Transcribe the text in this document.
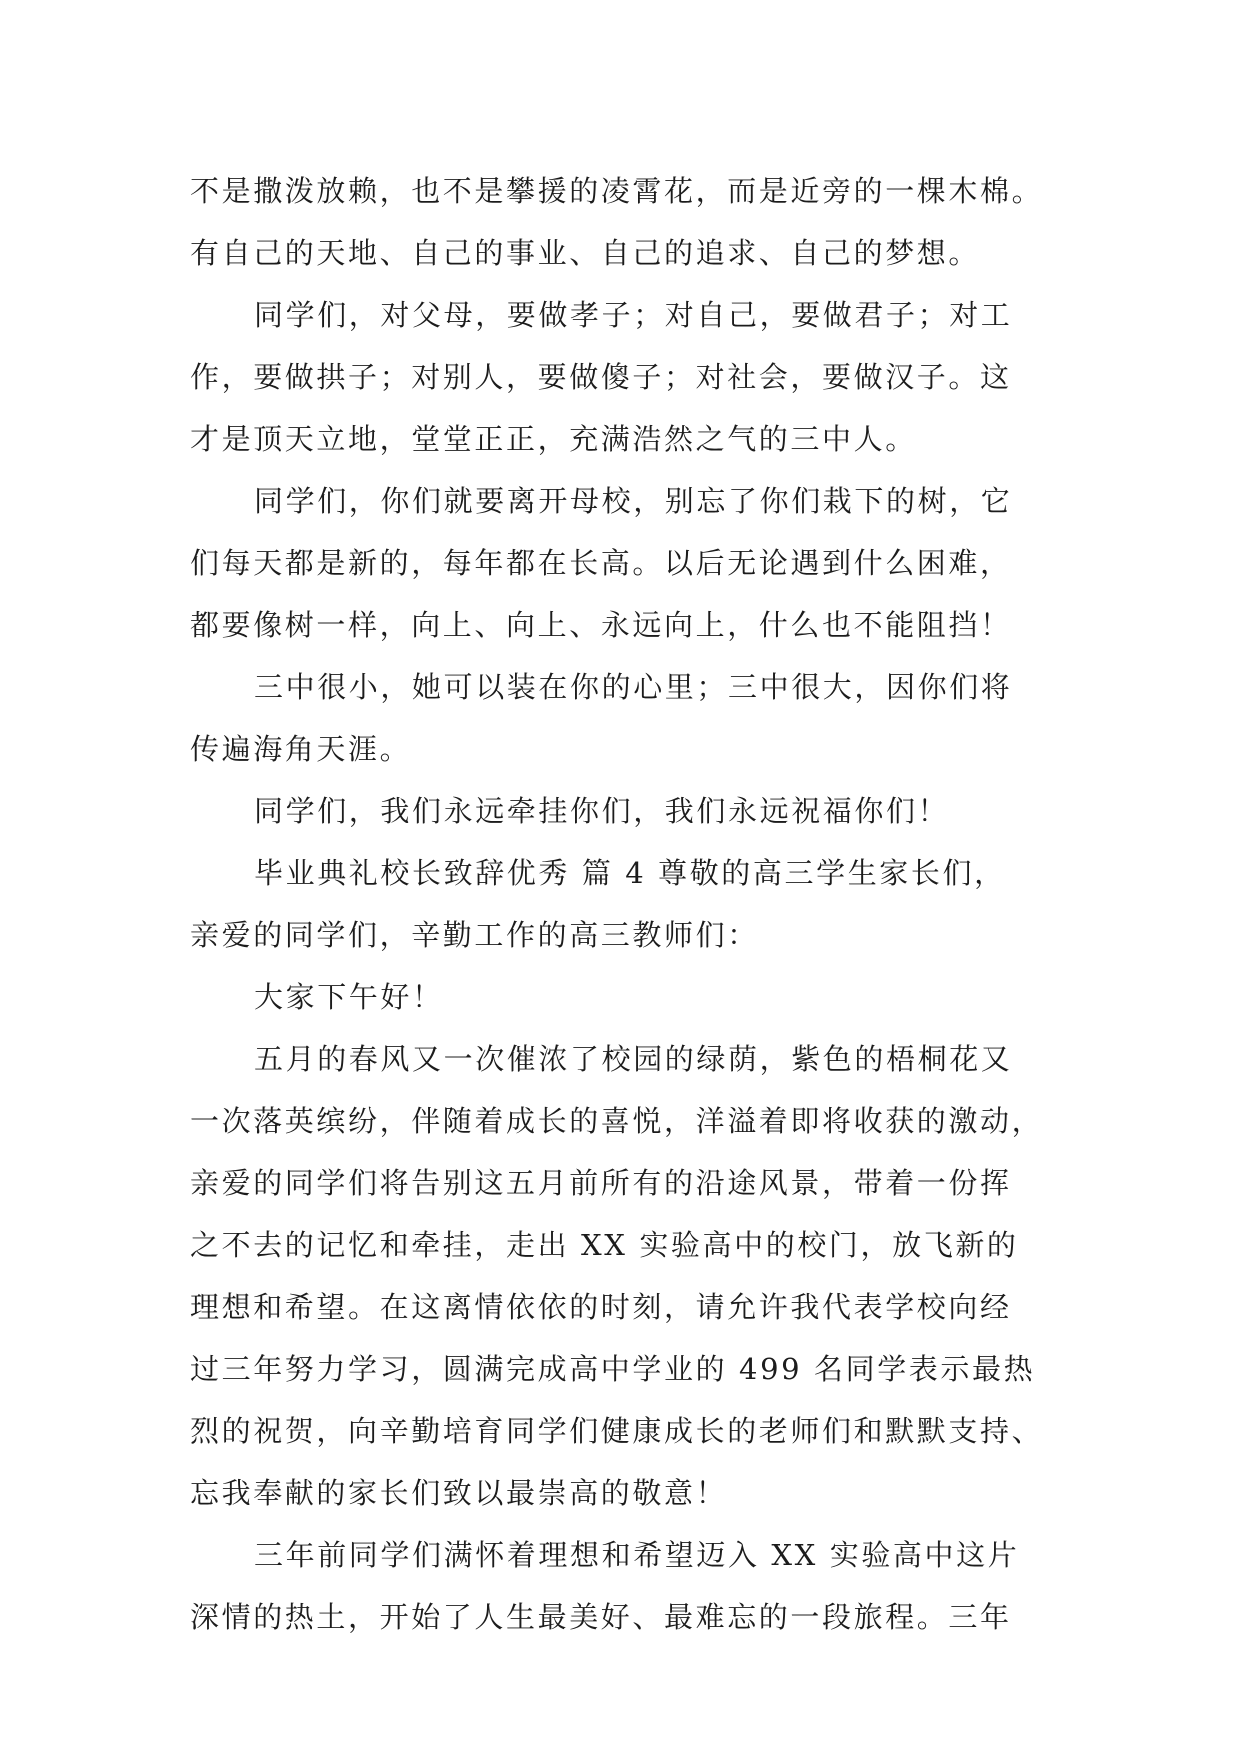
不是撒泼放赖，也不是攀援的凌霄花，而是近旁的一棵木棉。
有自己的天地、自己的事业、自己的追求、自己的梦想。
同学们，对父母，要做孝子；对自己，要做君子；对工
作，要做拱子；对别人，要做傻子；对社会，要做汉子。这
才是顶天立地，堂堂正正，充满浩然之气的三中人。
同学们，你们就要离开母校，别忘了你们栽下的树，它
们每天都是新的，每年都在长高。以后无论遇到什么困难，
都要像树一样，向上、向上、永远向上，什么也不能阻挡！
三中很小，她可以装在你的心里；三中很大，因你们将
传遍海角天涯。
同学们，我们永远牵挂你们，我们永远祝福你们！
毕业典礼校长致辞优秀 篇 4 尊敬的高三学生家长们，
亲爱的同学们，辛勤工作的高三教师们：
大家下午好！
五月的春风又一次催浓了校园的绿荫，紫色的梧桐花又
一次落英缤纷，伴随着成长的喜悦，洋溢着即将收获的激动，
亲爱的同学们将告别这五月前所有的沿途风景，带着一份挥
之不去的记忆和牵挂，走出 XX 实验高中的校门，放飞新的
理想和希望。在这离情依依的时刻，请允许我代表学校向经
过三年努力学习，圆满完成高中学业的 499 名同学表示最热
烈的祝贺，向辛勤培育同学们健康成长的老师们和默默支持、
忘我奉献的家长们致以最崇高的敬意！
三年前同学们满怀着理想和希望迈入 XX 实验高中这片
深情的热土，开始了人生最美好、最难忘的一段旅程。三年
